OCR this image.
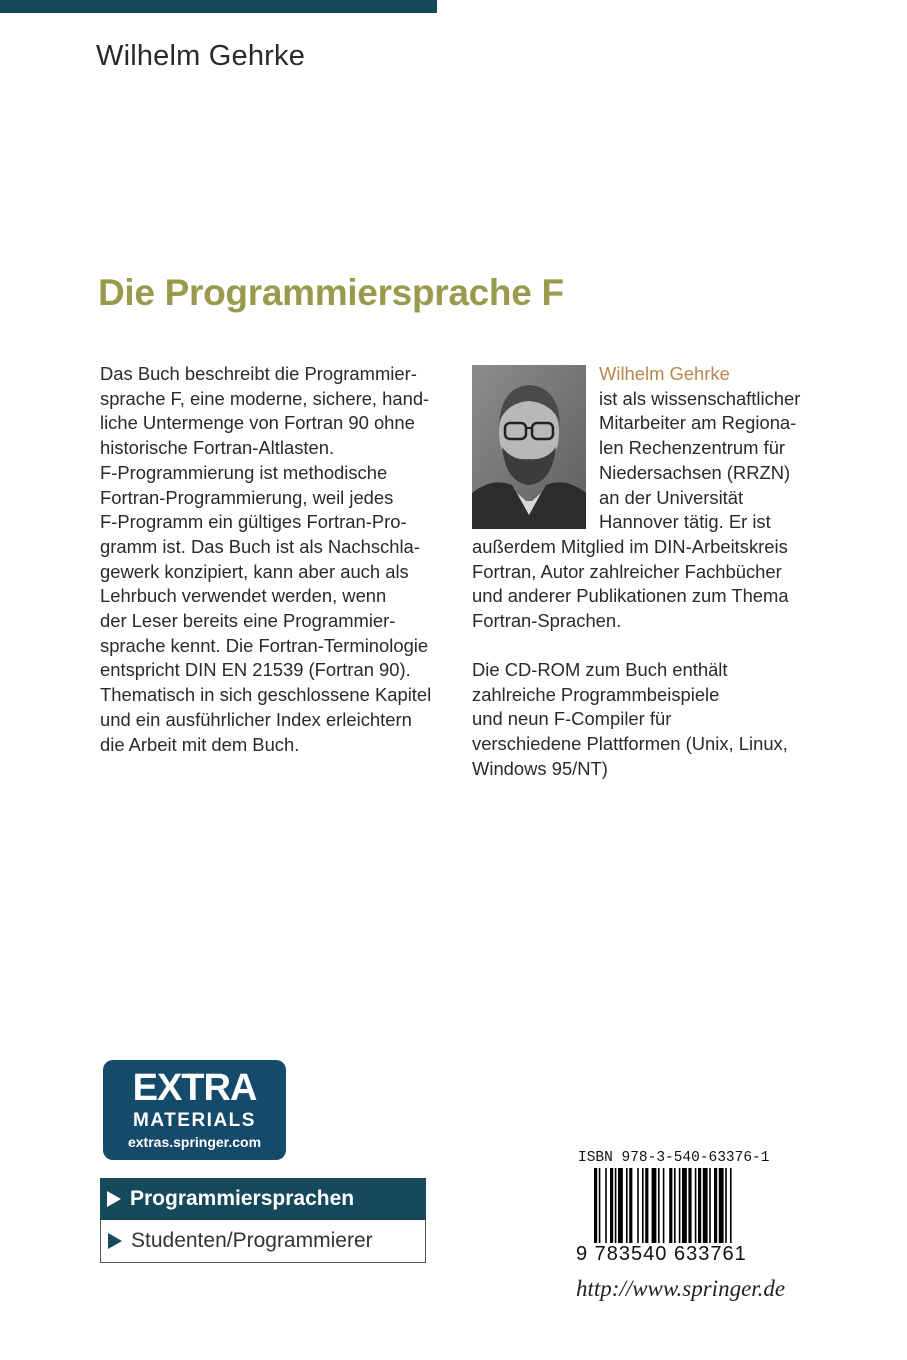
Wilhelm Gehrke
Die Programmiersprache F
Das Buch beschreibt die Programmier-
sprache F, eine moderne, sichere, hand-
liche Untermenge von Fortran 90 ohne
historische Fortran-Altlasten.
F-Programmierung ist methodische
Fortran-Programmierung, weil jedes
F-Programm ein gültiges Fortran-Pro-
gramm ist. Das Buch ist als Nachschla-
gewerk konzipiert, kann aber auch als
Lehrbuch verwendet werden, wenn
der Leser bereits eine Programmier-
sprache kennt. Die Fortran-Terminologie
entspricht DIN EN 21539 (Fortran 90).
Thematisch in sich geschlossene Kapitel
und ein ausführlicher Index erleichtern
die Arbeit mit dem Buch.
Wilhelm Gehrke
ist als wissenschaftlicher
Mitarbeiter am Regiona-
len Rechenzentrum für
Niedersachsen (RRZN)
an der Universität
Hannover tätig. Er ist
außerdem Mitglied im DIN-Arbeitskreis
Fortran, Autor zahlreicher Fachbücher
und anderer Publikationen zum Thema
Fortran-Sprachen.
Die CD-ROM zum Buch enthält
zahlreiche Programmbeispiele
und neun F-Compiler für
verschiedene Plattformen (Unix, Linux,
Windows 95/NT)
EXTRA
MATERIALS
extras.springer.com
Programmiersprachen
Studenten/Programmierer
ISBN 978-3-540-63376-1
9 783540 633761
http://www.springer.de
